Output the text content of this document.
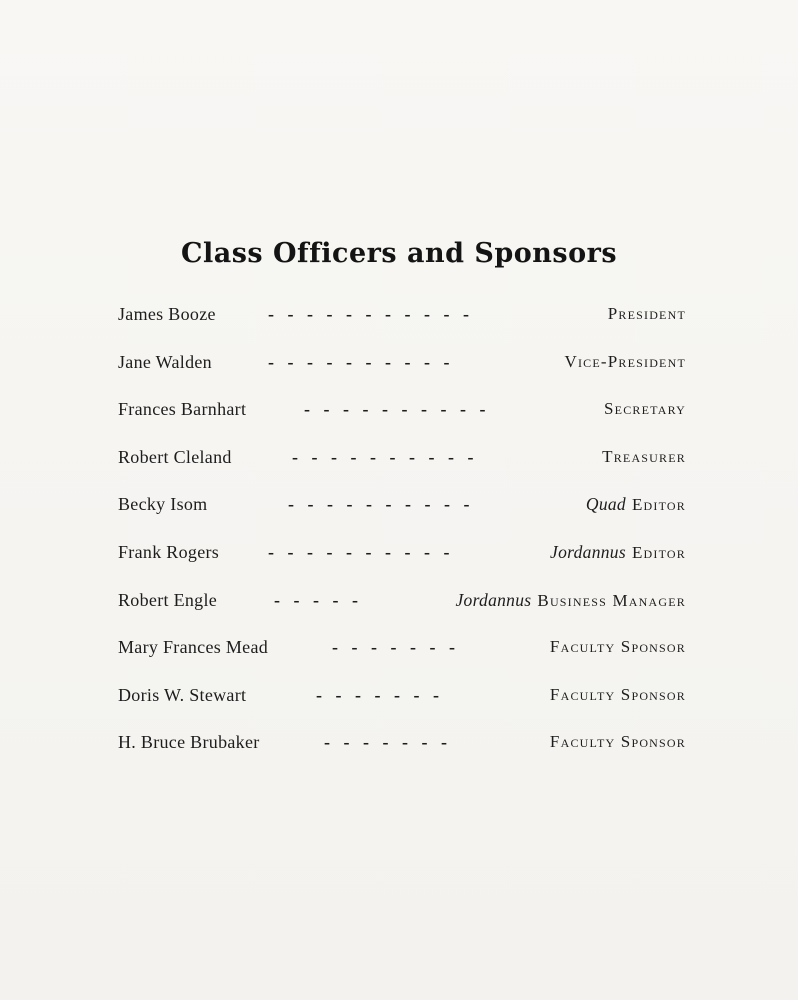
Class Officers and Sponsors
James Booze	-   -   -   -   -   -   -   -   -   -   -	President
Jane Walden	-   -   -   -   -   -   -   -   -   -	Vice-President
Frances Barnhart	-   -   -   -   -   -   -   -   -   -	Secretary
Robert Cleland	-   -   -   -   -   -   -   -   -   -	Treasurer
Becky Isom	-   -   -   -   -   -   -   -   -   -	Quad Editor
Frank Rogers	-   -   -   -   -   -   -   -   -   -	Jordannus Editor
Robert Engle	-   -   -   -   -	Jordannus Business Manager
Mary Frances Mead	-   -   -   -   -   -   -	Faculty Sponsor
Doris W. Stewart	-   -   -   -   -   -   -	Faculty Sponsor
H. Bruce Brubaker	-   -   -   -   -   -   -	Faculty Sponsor
